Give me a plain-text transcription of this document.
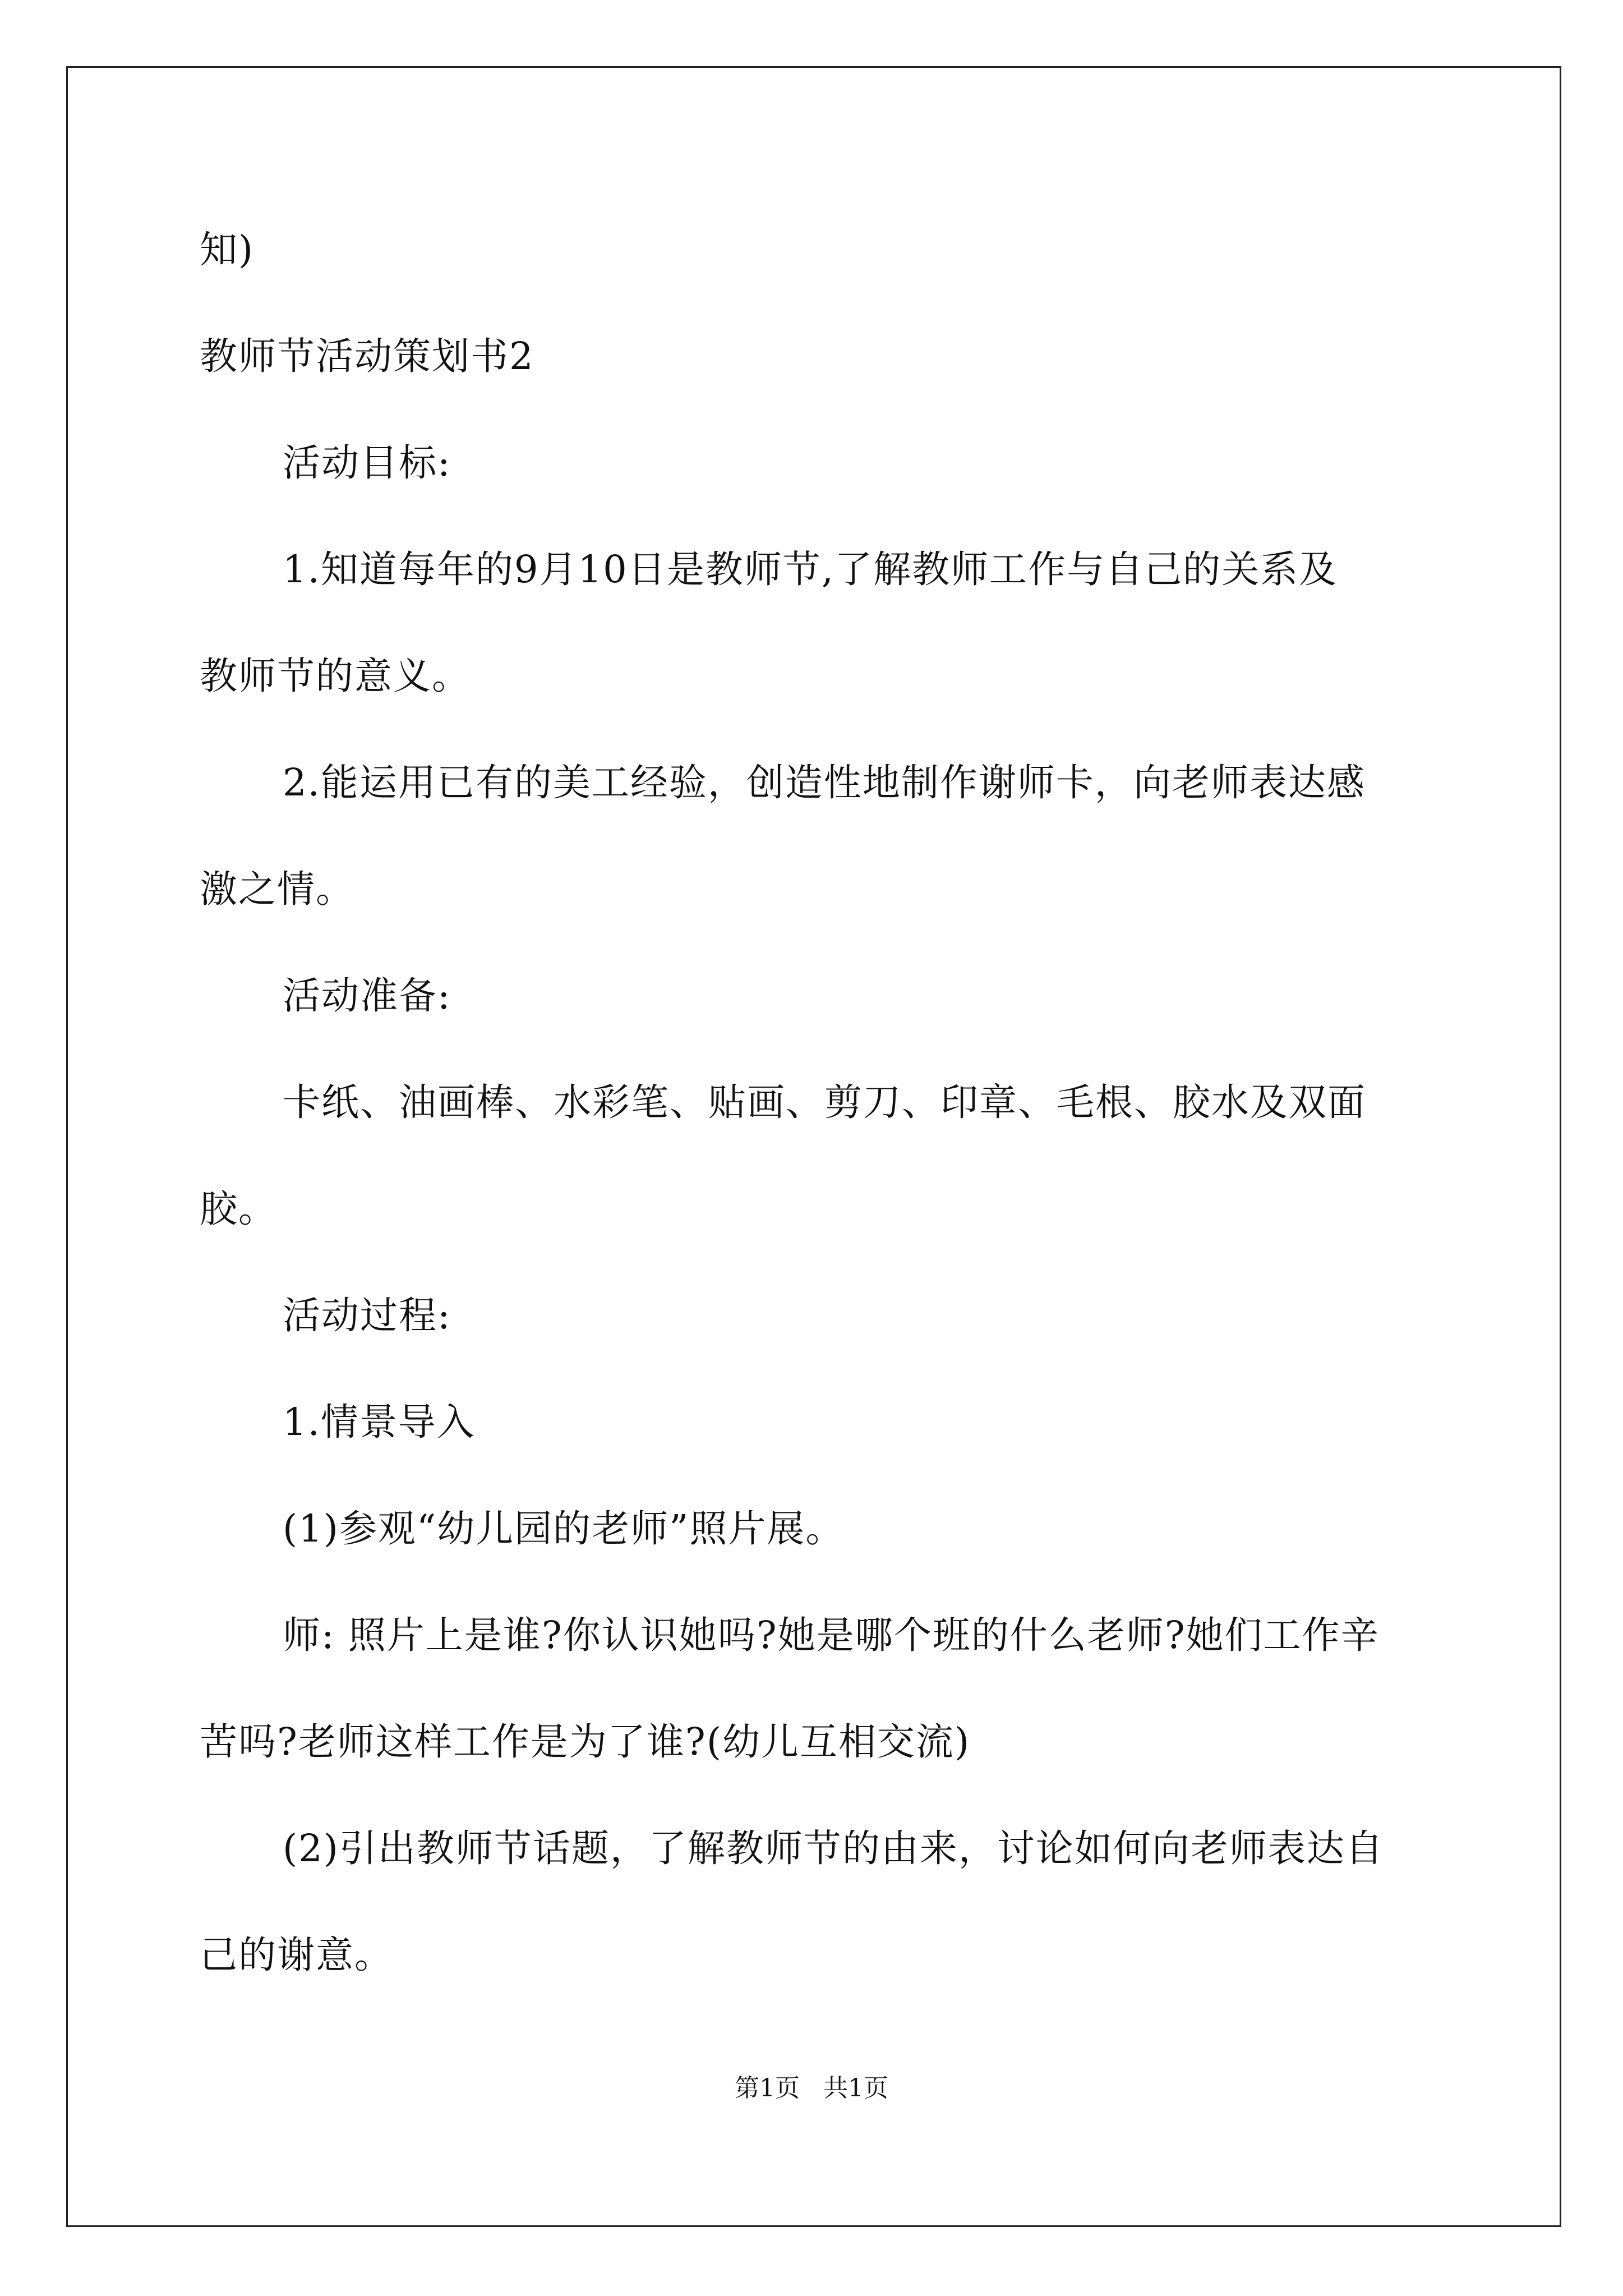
知)
教师节活动策划书2
活动目标:
1.知道每年的9月10日是教师节,了解教师工作与自己的关系及
教师节的意义。
2.能运用已有的美工经验，创造性地制作谢师卡，向老师表达感
激之情。
活动准备:
卡纸、油画棒、水彩笔、贴画、剪刀、印章、毛根、胶水及双面
胶。
活动过程:
1.情景导入
(1)参观“幼儿园的老师”照片展。
师: 照片上是谁?你认识她吗?她是哪个班的什么老师?她们工作辛
苦吗?老师这样工作是为了谁?(幼儿互相交流)
(2)引出教师节话题，了解教师节的由来，讨论如何向老师表达自
己的谢意。
第1页   共1页
